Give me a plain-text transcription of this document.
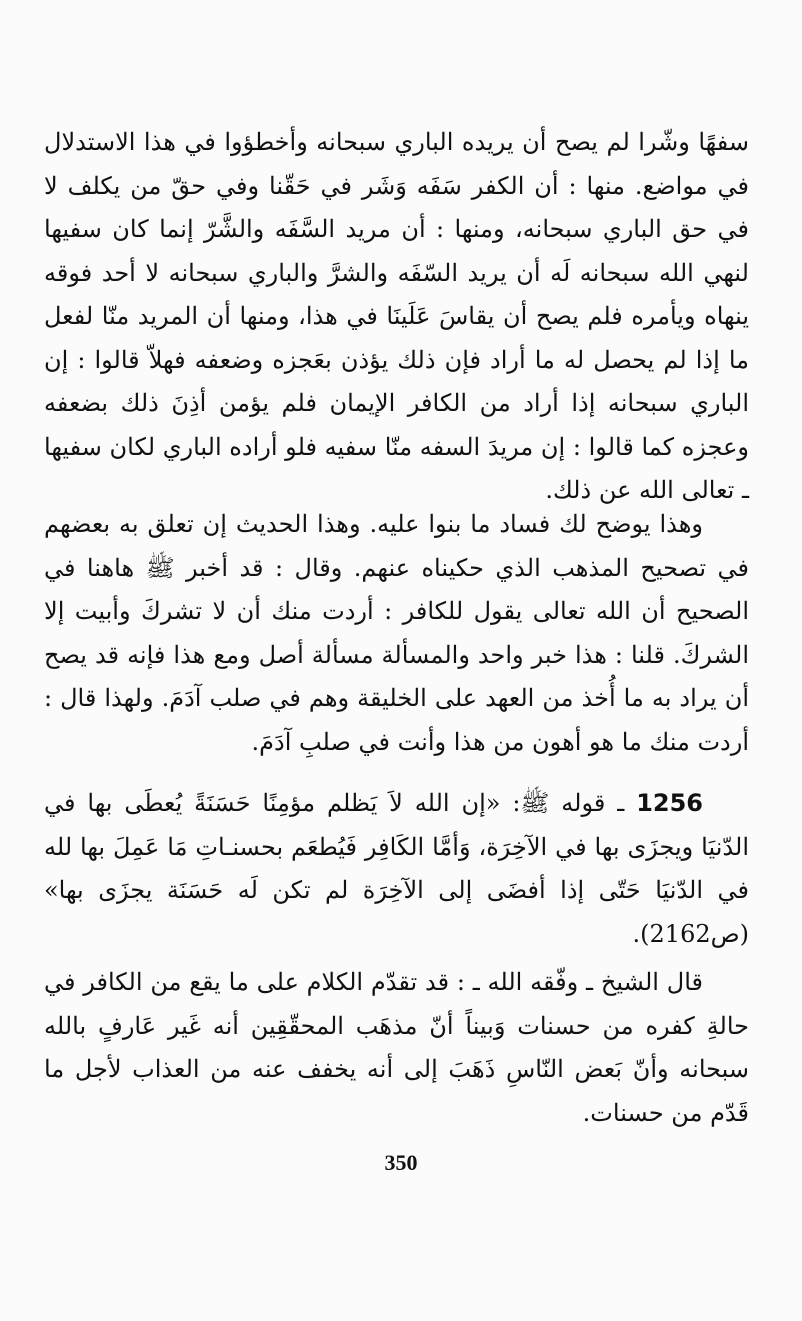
سفهًا وشّرا لم يصح أن يريده الباري سبحانه وأخطؤوا في هذا الاستدلال في مواضع. منها : أن الكفر سَفَه وَشَر في حَقّنا وفي حقّ من يكلف لا في حق الباري سبحانه، ومنها : أن مريد السَّفَه والشَّرّ إنما كان سفيها لنهي الله سبحانه لَه أن يريد السّفَه والشرَّ والباري سبحانه لا أحد فوقه ينهاه ويأمره فلم يصح أن يقاسَ عَلَينَا في هذا، ومنها أن المريد منّا لفعل ما إذا لم يحصل له ما أراد فإن ذلك يؤذن بعَجزه وضعفه فهلاّ قالوا : إن الباري سبحانه إذا أراد من الكافر الإيمان فلم يؤمن أذِنَ ذلك بضعفه وعجزه كما قالوا : إن مريدَ السفه منّا سفيه فلو أراده الباري لكان سفيها ـ تعالى الله عن ذلك.

وهذا يوضح لك فساد ما بنوا عليه. وهذا الحديث إن تعلق به بعضهم في تصحيح المذهب الذي حكيناه عنهم. وقال : قد أخبر ﷺ هاهنا في الصحيح أن الله تعالى يقول للكافر : أردت منك أن لا تشركَ وأبيت إلا الشركَ. قلنا : هذا خبر واحد والمسألة مسألة أصل ومع هذا فإنه قد يصح أن يراد به ما أُخذ من العهد على الخليقة وهم في صلب آدَمَ. ولهذا قال : أردت منك ما هو أهون من هذا وأنت في صلبِ آدَمَ.

1256 ـ قوله ﷺ: «إن الله لاَ يَظلم مؤمِنًا حَسَنَةً يُعطَى بها في الدّنيَا ويجزَى بها في الآخِرَة، وَأمَّا الكَافِر فَيُطعَم بحسنـاتِ مَا عَمِلَ بها لله في الدّنيَا حَتّى إذا أفضَى إلى الآخِرَة لم تكن لَه حَسَنَة يجزَى بها» (ص2162).

قال الشيخ ـ وفّقه الله ـ : قد تقدّم الكلام على ما يقع من الكافر في حالةِ كفره من حسنات وَبيناً أنّ مذهَب المحقّقِين أنه غَير عَارفٍ بالله سبحانه وأنّ بَعض النّاسِ ذَهَبَ إلى أنه يخفف عنه من العذاب لأجل ما قَدّم من حسنات.

350
